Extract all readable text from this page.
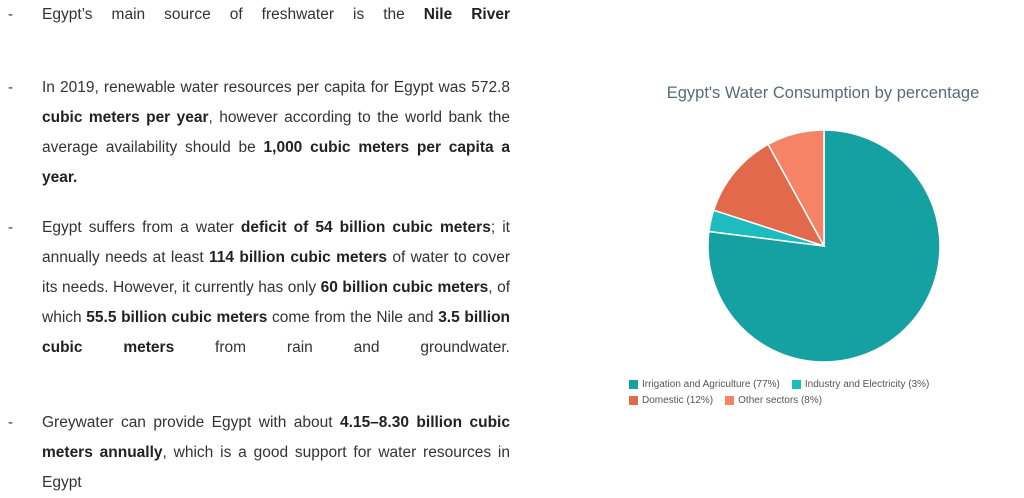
- Egypt’s main source of freshwater is the Nile River
- In 2019, renewable water resources per capita for Egypt was 572.8 cubic meters per year, however according to the world bank the average availability should be 1,000 cubic meters per capita a year.
- Egypt suffers from a water deficit of 54 billion cubic meters; it annually needs at least 114 billion cubic meters of water to cover its needs. However, it currently has only 60 billion cubic meters, of which 55.5 billion cubic meters come from the Nile and 3.5 billion cubic meters from rain and groundwater.
- Greywater can provide Egypt with about 4.15–8.30 billion cubic meters annually, which is a good support for water resources in Egypt
Egypt's Water Consumption by percentage
Irrigation and Agriculture (77%)	Industry and Electricity (3%)
Domestic (12%)	Other sectors (8%)
